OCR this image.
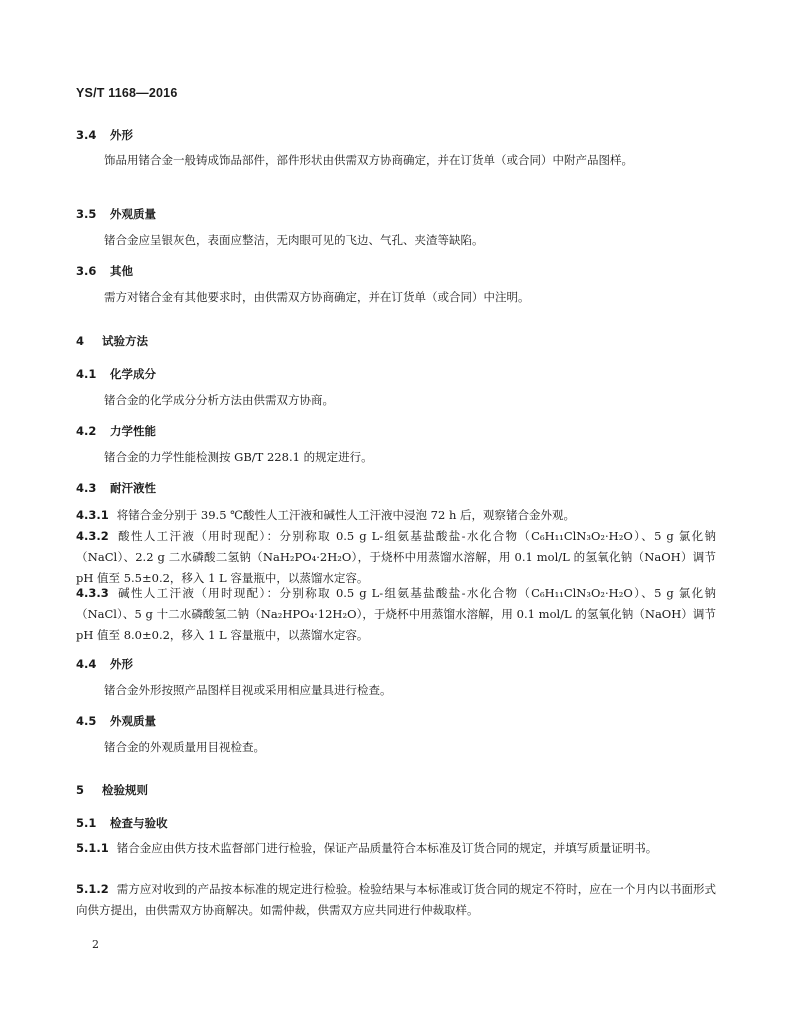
YS/T 1168—2016
3.4 外形
饰品用锗合金一般铸成饰品部件，部件形状由供需双方协商确定，并在订货单（或合同）中附产品图样。
3.5 外观质量
锗合金应呈银灰色，表面应整洁，无肉眼可见的飞边、气孔、夹渣等缺陷。
3.6 其他
需方对锗合金有其他要求时，由供需双方协商确定，并在订货单（或合同）中注明。
4 试验方法
4.1 化学成分
锗合金的化学成分分析方法由供需双方协商。
4.2 力学性能
锗合金的力学性能检测按 GB/T 228.1 的规定进行。
4.3 耐汗液性
4.3.1 将锗合金分别于 39.5 ℃酸性人工汗液和碱性人工汗液中浸泡 72 h 后，观察锗合金外观。
4.3.2 酸性人工汗液（用时现配）：分别称取 0.5 g L-组氨基盐酸盐-水化合物（C₆H₁₁ClN₃O₂·H₂O）、5 g 氯化钠（NaCl）、2.2 g 二水磷酸二氢钠（NaH₂PO₄·2H₂O），于烧杯中用蒸馏水溶解，用 0.1 mol/L 的氢氧化钠（NaOH）调节 pH 值至 5.5±0.2，移入 1 L 容量瓶中，以蒸馏水定容。
4.3.3 碱性人工汗液（用时现配）：分别称取 0.5 g L-组氨基盐酸盐-水化合物（C₆H₁₁ClN₃O₂·H₂O）、5 g 氯化钠（NaCl）、5 g 十二水磷酸氢二钠（Na₂HPO₄·12H₂O），于烧杯中用蒸馏水溶解，用 0.1 mol/L 的氢氧化钠（NaOH）调节 pH 值至 8.0±0.2，移入 1 L 容量瓶中，以蒸馏水定容。
4.4 外形
锗合金外形按照产品图样目视或采用相应量具进行检查。
4.5 外观质量
锗合金的外观质量用目视检查。
5 检验规则
5.1 检查与验收
5.1.1 锗合金应由供方技术监督部门进行检验，保证产品质量符合本标准及订货合同的规定，并填写质量证明书。
5.1.2 需方应对收到的产品按本标准的规定进行检验。检验结果与本标准或订货合同的规定不符时，应在一个月内以书面形式向供方提出，由供需双方协商解决。如需仲裁，供需双方应共同进行仲裁取样。
2
